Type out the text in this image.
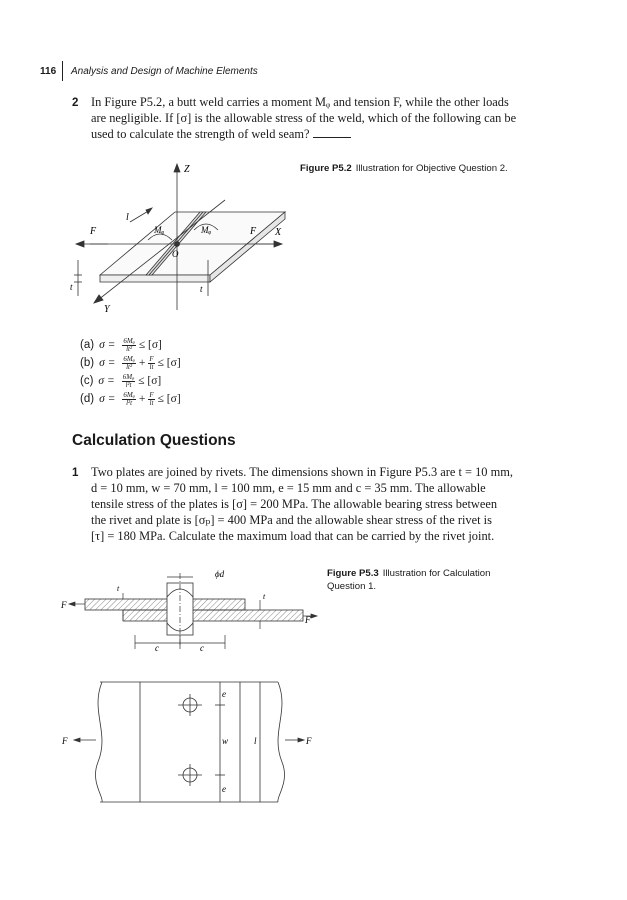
116 Analysis and Design of Machine Elements
2 In Figure P5.2, a butt weld carries a moment Mᵩ and tension F, while the other loads
are negligible. If [σ] is the allowable stress of the weld, which of the following can be
used to calculate the strength of weld seam?
Figure P5.2 Illustration for Objective Question 2.
Z
X
Y
F	F
l
Mᵩ	Mᵩ
O
t	t
(a) $\sigma = \frac{\text{6Mᵩ}}{\text{lt²}} \le [\sigma]$
(b) $\sigma = \frac{\text{6Mᵩ}}{\text{lt²}} + \frac{F}{lt} \le [\sigma]$
(c) $\sigma = \frac{\text{6Mᵩ}}{\text{l²t}} \le [\sigma]$
(d) $\sigma = \frac{\text{6Mᵩ}}{\text{l²t}} + \frac{F}{lt} \le [\sigma]$
Calculation Questions
1 Two plates are joined by rivets. The dimensions shown in Figure P5.3 are t = 10 mm,
d = 10 mm, w = 70 mm, l = 100 mm, e = 15 mm and c = 35 mm. The allowable
tensile stress of the plates is [σ] = 200 MPa. The allowable bearing stress between
the rivet and plate is [σₚ] = 400 MPa and the allowable shear stress of the rivet is
[τ] = 180 MPa. Calculate the maximum load that can be carried by the rivet joint.
Figure P5.3 Illustration for Calculation
Question 1.
ϕd
t
t
F
F
c	c
e
w
e
l
F	F
